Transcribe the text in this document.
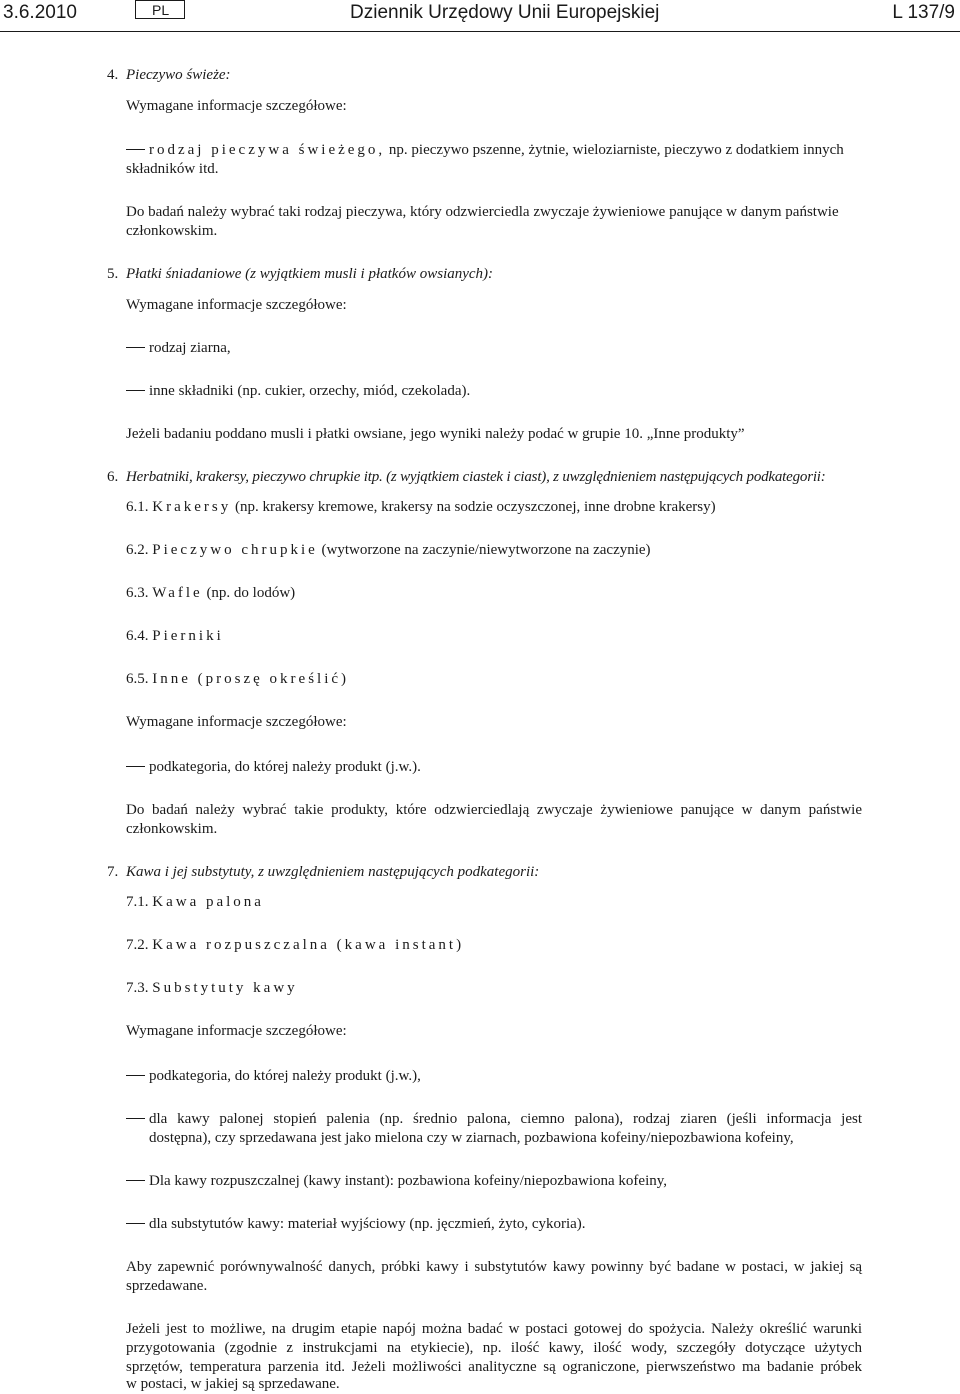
3.6.2010	PL	Dziennik Urzędowy Unii Europejskiej	L 137/9
4. Pieczywo świeże:
Wymagane informacje szczegółowe:
rodzaj pieczywa świeżego, np. pieczywo pszenne, żytnie, wieloziarniste, pieczywo z dodatkiem innych
składników itd.
Do badań należy wybrać taki rodzaj pieczywa, który odzwierciedla zwyczaje żywieniowe panujące w danym państwie
członkowskim.
5. Płatki śniadaniowe (z wyjątkiem musli i płatków owsianych):
Wymagane informacje szczegółowe:
rodzaj ziarna,
inne składniki (np. cukier, orzechy, miód, czekolada).
Jeżeli badaniu poddano musli i płatki owsiane, jego wyniki należy podać w grupie 10. „Inne produkty”
6. Herbatniki, krakersy, pieczywo chrupkie itp. (z wyjątkiem ciastek i ciast), z uwzględnieniem następujących podkategorii:
6.1. Krakersy (np. krakersy kremowe, krakersy na sodzie oczyszczonej, inne drobne krakersy)
6.2. Pieczywo chrupkie (wytworzone na zaczynie/niewytworzone na zaczynie)
6.3. Wafle (np. do lodów)
6.4. Pierniki
6.5. Inne (proszę określić)
Wymagane informacje szczegółowe:
podkategoria, do której należy produkt (j.w.).
Do badań należy wybrać takie produkty, które odzwierciedlają zwyczaje żywieniowe panujące w danym państwie
członkowskim.
7. Kawa i jej substytuty, z uwzględnieniem następujących podkategorii:
7.1. Kawa palona
7.2. Kawa rozpuszczalna (kawa instant)
7.3. Substytuty kawy
Wymagane informacje szczegółowe:
podkategoria, do której należy produkt (j.w.),
dla kawy palonej stopień palenia (np. średnio palona, ciemno palona), rodzaj ziaren (jeśli informacja jest
dostępna), czy sprzedawana jest jako mielona czy w ziarnach, pozbawiona kofeiny/niepozbawiona kofeiny,
Dla kawy rozpuszczalnej (kawy instant): pozbawiona kofeiny/niepozbawiona kofeiny,
dla substytutów kawy: materiał wyjściowy (np. jęczmień, żyto, cykoria).
Aby zapewnić porównywalność danych, próbki kawy i substytutów kawy powinny być badane w postaci, w jakiej są
sprzedawane.
Jeżeli jest to możliwe, na drugim etapie napój można badać w postaci gotowej do spożycia. Należy określić warunki
przygotowania (zgodnie z instrukcjami na etykiecie), np. ilość kawy, ilość wody, szczegóły dotyczące użytych
sprzętów, temperatura parzenia itd. Jeżeli możliwości analityczne są ograniczone, pierwszeństwo ma badanie próbek
w postaci, w jakiej są sprzedawane.
